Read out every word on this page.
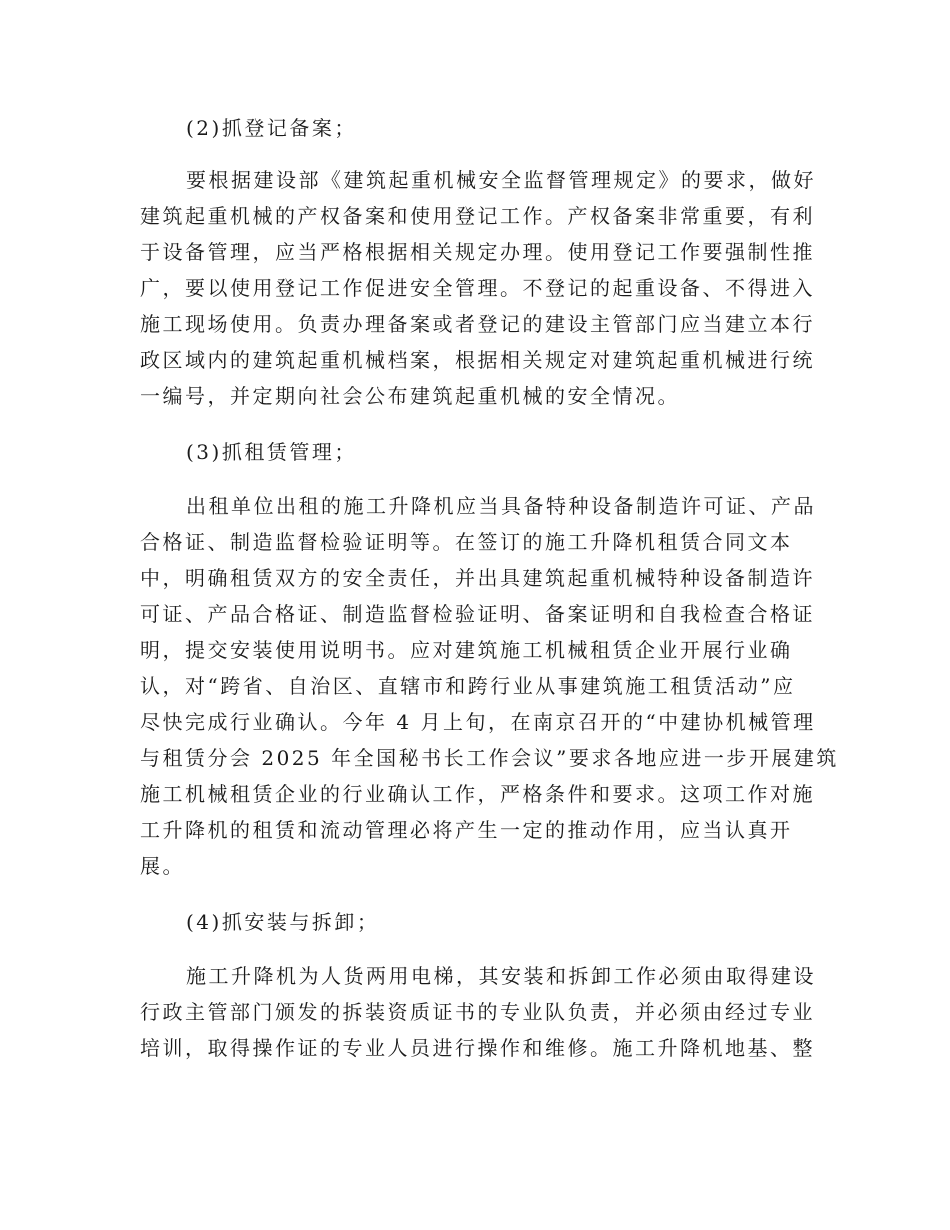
(2)抓登记备案；
要根据建设部《建筑起重机械安全监督管理规定》的要求，做好
建筑起重机械的产权备案和使用登记工作。产权备案非常重要，有利
于设备管理，应当严格根据相关规定办理。使用登记工作要强制性推
广，要以使用登记工作促进安全管理。不登记的起重设备、不得进入
施工现场使用。负责办理备案或者登记的建设主管部门应当建立本行
政区域内的建筑起重机械档案，根据相关规定对建筑起重机械进行统
一编号，并定期向社会公布建筑起重机械的安全情况。
(3)抓租赁管理；
出租单位出租的施工升降机应当具备特种设备制造许可证、产品
合格证、制造监督检验证明等。在签订的施工升降机租赁合同文本
中，明确租赁双方的安全责任，并出具建筑起重机械特种设备制造许
可证、产品合格证、制造监督检验证明、备案证明和自我检查合格证
明，提交安装使用说明书。应对建筑施工机械租赁企业开展行业确
认，对“跨省、自治区、直辖市和跨行业从事建筑施工租赁活动”应
尽快完成行业确认。今年 4 月上旬，在南京召开的“中建协机械管理
与租赁分会 2025 年全国秘书长工作会议”要求各地应进一步开展建筑
施工机械租赁企业的行业确认工作，严格条件和要求。这项工作对施
工升降机的租赁和流动管理必将产生一定的推动作用，应当认真开
展。
(4)抓安装与拆卸；
施工升降机为人货两用电梯，其安装和拆卸工作必须由取得建设
行政主管部门颁发的拆装资质证书的专业队负责，并必须由经过专业
培训，取得操作证的专业人员进行操作和维修。施工升降机地基、整
